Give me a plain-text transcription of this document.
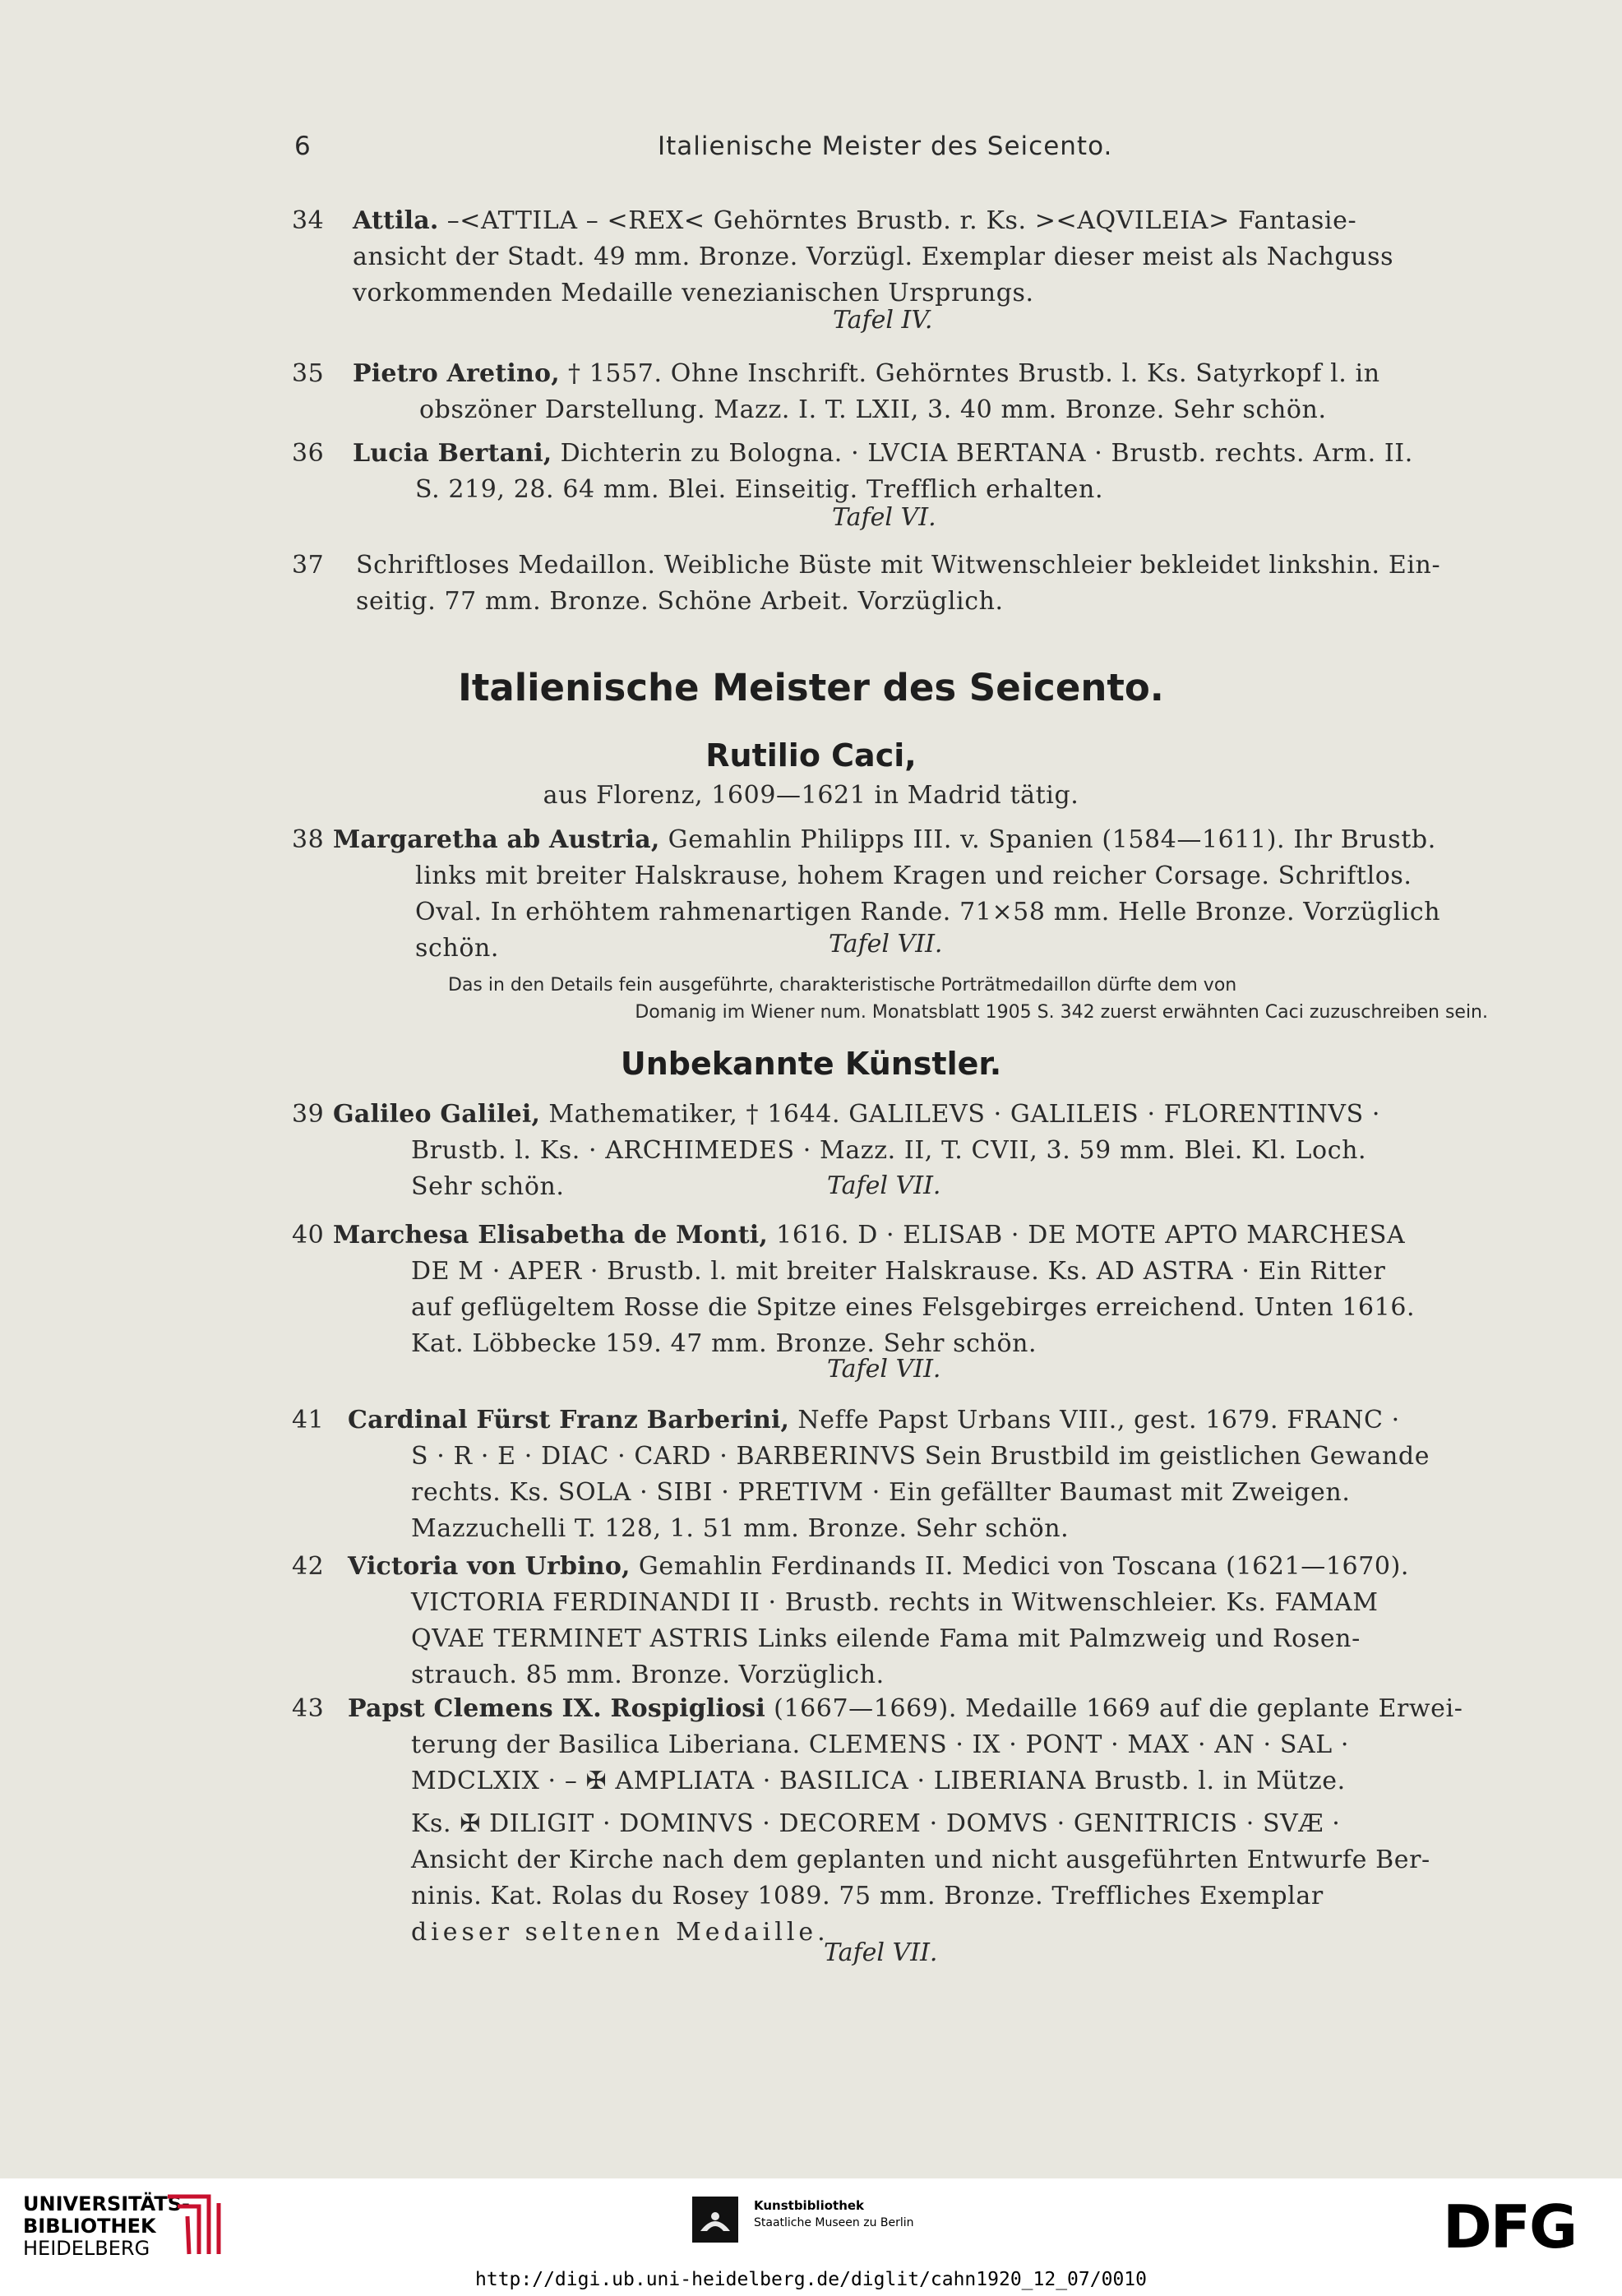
6	Italienische Meister des Seicento.
34	Attila. –<ATTILA – <REX< Gehörntes Brustb. r. Ks. ><AQVILEIA> Fantasie-
ansicht der Stadt. 49 mm. Bronze. Vorzügl. Exemplar dieser meist als Nachguss
vorkommenden Medaille venezianischen Ursprungs.
Tafel IV.
35	Pietro Aretino, † 1557. Ohne Inschrift. Gehörntes Brustb. l. Ks. Satyrkopf l. in
obszöner Darstellung. Mazz. I. T. LXII, 3. 40 mm. Bronze. Sehr schön.
36	Lucia Bertani, Dichterin zu Bologna. · LVCIA BERTANA · Brustb. rechts. Arm. II.
S. 219, 28. 64 mm. Blei. Einseitig. Trefflich erhalten.
Tafel VI.
37	Schriftloses Medaillon. Weibliche Büste mit Witwenschleier bekleidet linkshin. Ein-
seitig. 77 mm. Bronze. Schöne Arbeit. Vorzüglich.
Italienische Meister des Seicento.
Rutilio Caci,
aus Florenz, 1609—1621 in Madrid tätig.
38 Margaretha ab Austria, Gemahlin Philipps III. v. Spanien (1584—1611). Ihr Brustb.
links mit breiter Halskrause, hohem Kragen und reicher Corsage. Schriftlos.
Oval. In erhöhtem rahmenartigen Rande. 71×58 mm. Helle Bronze. Vorzüglich
schön.	Tafel VII.
Das in den Details fein ausgeführte, charakteristische Porträtmedaillon dürfte dem von
Domanig im Wiener num. Monatsblatt 1905 S. 342 zuerst erwähnten Caci zuzuschreiben sein.
Unbekannte Künstler.
39 Galileo Galilei, Mathematiker, † 1644. GALILEVS · GALILEIS · FLORENTINVS ·
Brustb. l. Ks. · ARCHIMEDES · Mazz. II, T. CVII, 3. 59 mm. Blei. Kl. Loch.
Sehr schön.	Tafel VII.
40 Marchesa Elisabetha de Monti, 1616. D · ELISAB · DE MOTE APTO MARCHESA
DE M · APER · Brustb. l. mit breiter Halskrause. Ks. AD ASTRA · Ein Ritter
auf geflügeltem Rosse die Spitze eines Felsgebirges erreichend. Unten 1616.
Kat. Löbbecke 159. 47 mm. Bronze. Sehr schön.
Tafel VII.
41 Cardinal Fürst Franz Barberini, Neffe Papst Urbans VIII., gest. 1679. FRANC ·
S · R · E · DIAC · CARD · BARBERINVS Sein Brustbild im geistlichen Gewande
rechts. Ks. SOLA · SIBI · PRETIVM · Ein gefällter Baumast mit Zweigen.
Mazzuchelli T. 128, 1. 51 mm. Bronze. Sehr schön.
42 Victoria von Urbino, Gemahlin Ferdinands II. Medici von Toscana (1621—1670).
VICTORIA FERDINANDI II · Brustb. rechts in Witwenschleier. Ks. FAMAM
QVAE TERMINET ASTRIS Links eilende Fama mit Palmzweig und Rosen-
strauch. 85 mm. Bronze. Vorzüglich.
43 Papst Clemens IX. Rospigliosi (1667—1669). Medaille 1669 auf die geplante Erwei-
terung der Basilica Liberiana. CLEMENS · IX · PONT · MAX · AN · SAL ·
MDCLXIX · – ✠ AMPLIATA · BASILICA · LIBERIANA Brustb. l. in Mütze.
Ks. ✠ DILIGIT · DOMINVS · DECOREM · DOMVS · GENITRICIS · SVÆ ·
Ansicht der Kirche nach dem geplanten und nicht ausgeführten Entwurfe Ber-
ninis. Kat. Rolas du Rosey 1089. 75 mm. Bronze. Treffliches Exemplar
dieser seltenen Medaille.
Tafel VII.
UNIVERSITÄTS-
BIBLIOTHEK
HEIDELBERG
Kunstbibliothek
Staatliche Museen zu Berlin	DFG
http://digi.ub.uni-heidelberg.de/diglit/cahn1920_12_07/0010
